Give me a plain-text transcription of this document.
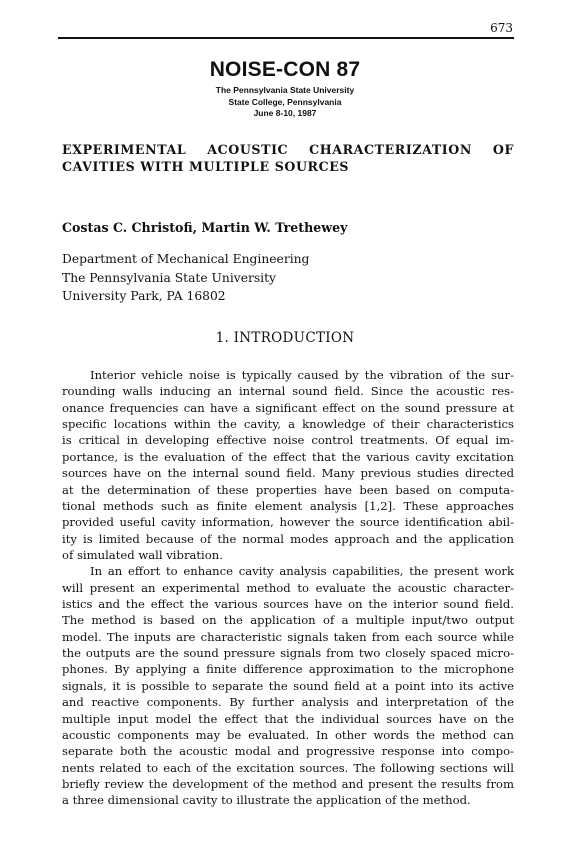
673
NOISE-CON 87
The Pennsylvania State University
State College, Pennsylvania
June 8-10, 1987
EXPERIMENTAL ACOUSTIC CHARACTERIZATION OF
CAVITIES WITH MULTIPLE SOURCES
Costas C. Christofi, Martin W. Trethewey
Department of Mechanical Engineering
The Pennsylvania State University
University Park, PA 16802
1. INTRODUCTION
Interior vehicle noise is typically caused by the vibration of the sur-
rounding walls inducing an internal sound field. Since the acoustic res-
onance frequencies can have a significant effect on the sound pressure at
specific locations within the cavity, a knowledge of their characteristics
is critical in developing effective noise control treatments. Of equal im-
portance, is the evaluation of the effect that the various cavity excitation
sources have on the internal sound field. Many previous studies directed
at the determination of these properties have been based on computa-
tional methods such as finite element analysis [1,2]. These approaches
provided useful cavity information, however the source identification abil-
ity is limited because of the normal modes approach and the application
of simulated wall vibration.
In an effort to enhance cavity analysis capabilities, the present work
will present an experimental method to evaluate the acoustic character-
istics and the effect the various sources have on the interior sound field.
The method is based on the application of a multiple input/two output
model. The inputs are characteristic signals taken from each source while
the outputs are the sound pressure signals from two closely spaced micro-
phones. By applying a finite difference approximation to the microphone
signals, it is possible to separate the sound field at a point into its active
and reactive components. By further analysis and interpretation of the
multiple input model the effect that the individual sources have on the
acoustic components may be evaluated. In other words the method can
separate both the acoustic modal and progressive response into compo-
nents related to each of the excitation sources. The following sections will
briefly review the development of the method and present the results from
a three dimensional cavity to illustrate the application of the method.
